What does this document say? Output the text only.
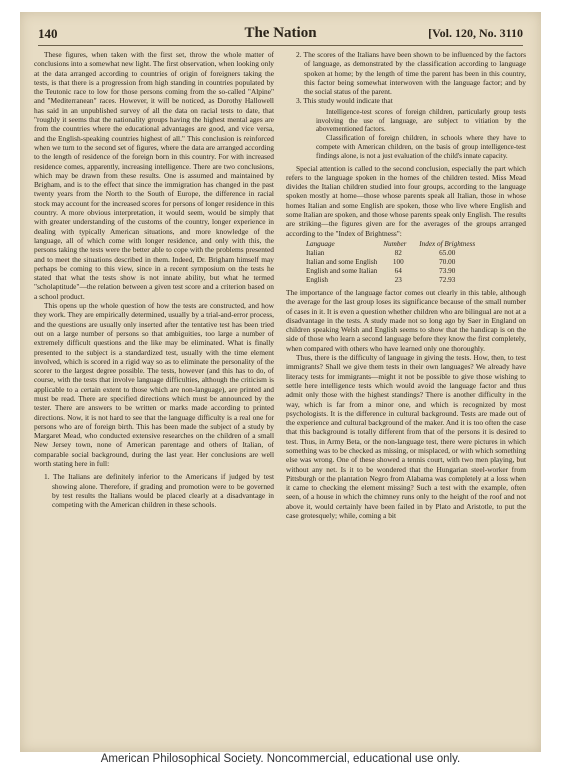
140	The Nation	[Vol. 120, No. 3110

These figures, when taken with the first set, throw the whole matter of conclusions into a somewhat new light. The first observation, when looking only at the data arranged according to countries of origin of foreigners taking the tests, is that there is a progression from high standing in countries populated by the Teutonic race to low for those persons coming from the so-called "Alpine" and "Mediterranean" races. However, it will be noticed, as Dorothy Hallowell has said in an unpublished survey of all the data on racial tests to date, that "roughly it seems that the nationality groups having the highest mental ages are from the countries where the educational advantages are good, and vice versa, and the English-speaking countries highest of all." This conclusion is reinforced when we turn to the second set of figures, where the data are arranged according to the length of residence of the foreign born in this country. For with increased residence comes, apparently, increasing intelligence. There are two conclusions, which may be drawn from these results. One is assumed and maintained by Brigham, and is to the effect that since the immigration has changed in the past twenty years from the North to the South of Europe, the difference in racial stock may account for the increased scores for persons of longer residence in this country. A more obvious interpretation, it would seem, would be simply that with greater understanding of the customs of the country, longer experience in dealing with typically American situations, and more knowledge of the language, all of which come with longer residence, and only with this, the persons taking the tests were the better able to cope with the problems presented and to meet the situations described in them. Indeed, Dr. Brigham himself may perhaps be coming to this view, since in a recent symposium on the tests he stated that what the tests show is not innate ability, but what he termed "scholaptitude"—the relation between a given test score and a criterion based on a school product.

This opens up the whole question of how the tests are constructed, and how they work. They are empirically determined, usually by a trial-and-error process, and the questions are usually only inserted after the tentative test has been tried out on a large number of persons so that ambiguities, too large a number of extremely difficult questions and the like may be eliminated. What is finally presented to the subject is a standardized test, usually with the time element involved, which is scored in a rigid way so as to eliminate the personality of the scorer to the largest degree possible. The tests, however (and this has to do, of course, with the tests that involve language difficulties, although the criticism is applicable to a certain extent to those which are non-language), are printed and must be read. There are specified directions which must be announced by the tester. There are answers to be written or marks made according to printed directions. Now, it is not hard to see that the language difficulty is a real one for persons who are of foreign birth. This has been made the subject of a study by Margaret Mead, who conducted extensive researches on the children of a small New Jersey town, none of American parentage and others of Italian, of comparable social background, during the last year. Her conclusions are well worth stating here in full:

1. The Italians are definitely inferior to the Americans if judged by test showing alone. Therefore, if grading and promotion were to be governed by test results the Italians would be placed clearly at a disadvantage in competing with the American children in these schools.

2. The scores of the Italians have been shown to be influenced by the factors of language, as demonstrated by the classification according to language spoken at home; by the length of time the parent has been in this country, this factor being somewhat interwoven with the language factor; and by the social status of the parent.

3. This study would indicate that

Intelligence-test scores of foreign children, particularly group tests involving the use of language, are subject to vitiation by the abovementioned factors.

Classification of foreign children, in schools where they have to compete with American children, on the basis of group intelligence-test findings alone, is not a just evaluation of the child's innate capacity.

Special attention is called to the second conclusion, especially the part which refers to the language spoken in the homes of the children tested. Miss Mead divides the Italian children studied into four groups, according to the language spoken mostly at home—those whose parents speak all Italian, those in whose homes Italian and some English are spoken, those who live where English and some Italian are spoken, and those whose parents speak only English. The results are striking—the figures given are for the averages of the groups arranged according to the "Index of Brightness":

Language	Number	Index of Brightness
Italian	82	65.00
Italian and some English	100	70.00
English and some Italian	64	73.90
English	23	72.93

The importance of the language factor comes out clearly in this table, although the average for the last group loses its significance because of the small number of cases in it. It is even a question whether children who are bilingual are not at a disadvantage in the tests. A study made not so long ago by Saer in England on children speaking Welsh and English seems to show that the handicap is on the side of those who learn a second language before they know the first completely, when compared with others who have learned only one thoroughly.

Thus, there is the difficulty of language in giving the tests. How, then, to test immigrants? Shall we give them tests in their own languages? We already have literacy tests for immigrants—might it not be possible to give those wishing to settle here intelligence tests which would avoid the language factor and thus admit only those with the highest standings? There is another difficulty in the way, which is far from a minor one, and which is recognized by most psychologists. It is the difference in cultural background. Tests are made out of the experience and cultural background of the maker. And it is too often the case that this background is totally different from that of the persons it is desired to test. Thus, in Army Beta, or the non-language test, there were pictures in which something was to be checked as missing, or misplaced, or with which something else was wrong. One of these showed a tennis court, with two men playing, but without any net. Is it to be wondered that the Hungarian steel-worker from Pittsburgh or the plantation Negro from Alabama was completely at a loss when it came to checking the element missing? Such a test with the example, often seen, of a house in which the chimney runs only to the height of the roof and not above it, would certainly have been failed in by Plato and Aristotle, to put the case grotesquely; while, coming a bit

American Philosophical Society. Noncommercial, educational use only.
